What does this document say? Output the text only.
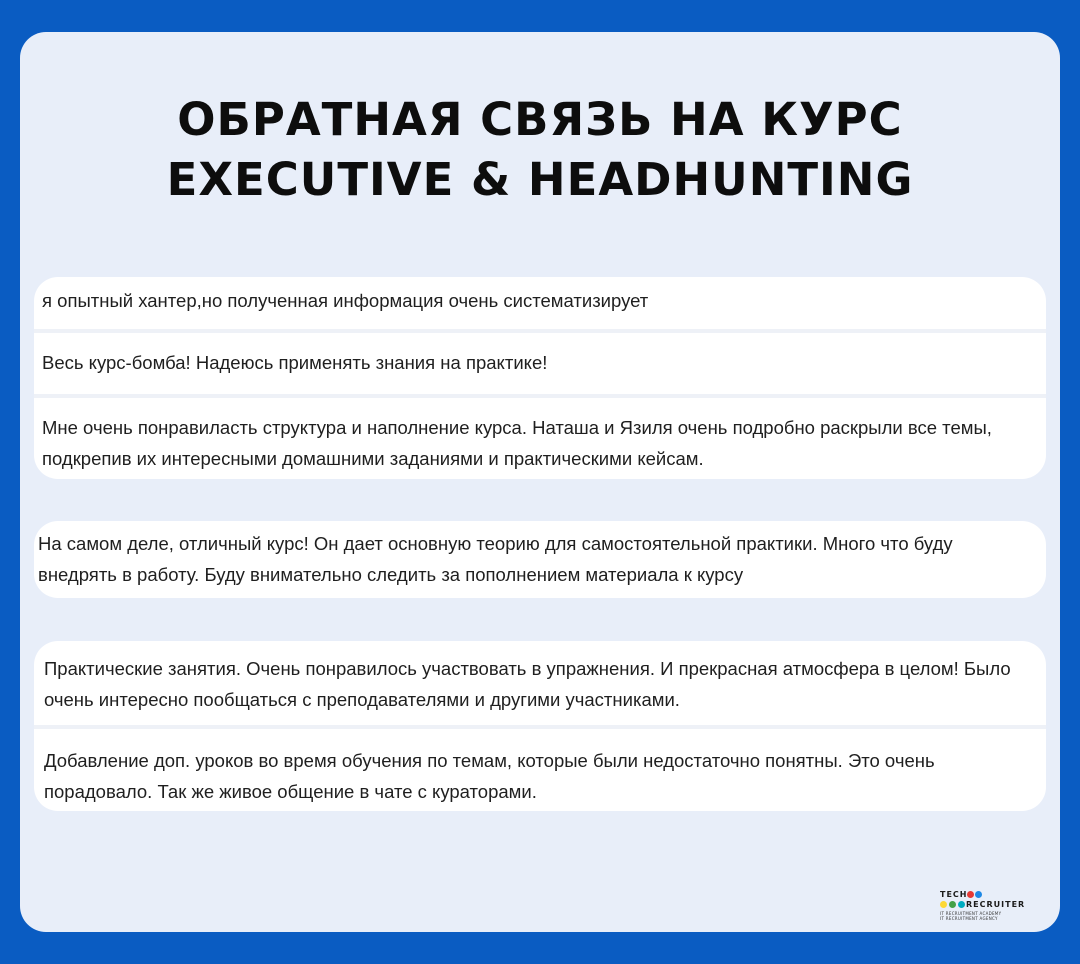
ОБРАТНАЯ СВЯЗЬ НА КУРС
EXECUTIVE & HEADHUNTING
я опытный хантер,но полученная информация очень систематизирует
Весь курс-бомба! Надеюсь применять знания на практике!
Мне очень понравиласть структура и наполнение курса. Наташа и Язиля очень подробно раскрыли все темы, подкрепив их интересными домашними заданиями и практическими кейсам.
На самом деле, отличный курс! Он дает основную теорию для самостоятельной практики. Много что буду внедрять в работу. Буду внимательно следить за пополнением материала к курсу
Практические занятия. Очень понравилось участвовать в упражнения. И прекрасная атмосфера в целом! Было очень интересно пообщаться с преподавателями и другими участниками.
Добавление доп. уроков во время обучения по темам, которые были недостаточно понятны. Это очень порадовало. Так же живое общение в чате с кураторами.
TECH
RECRUITER
IT RECRUITMENT ACADEMY
IT RECRUITMENT AGENCY
